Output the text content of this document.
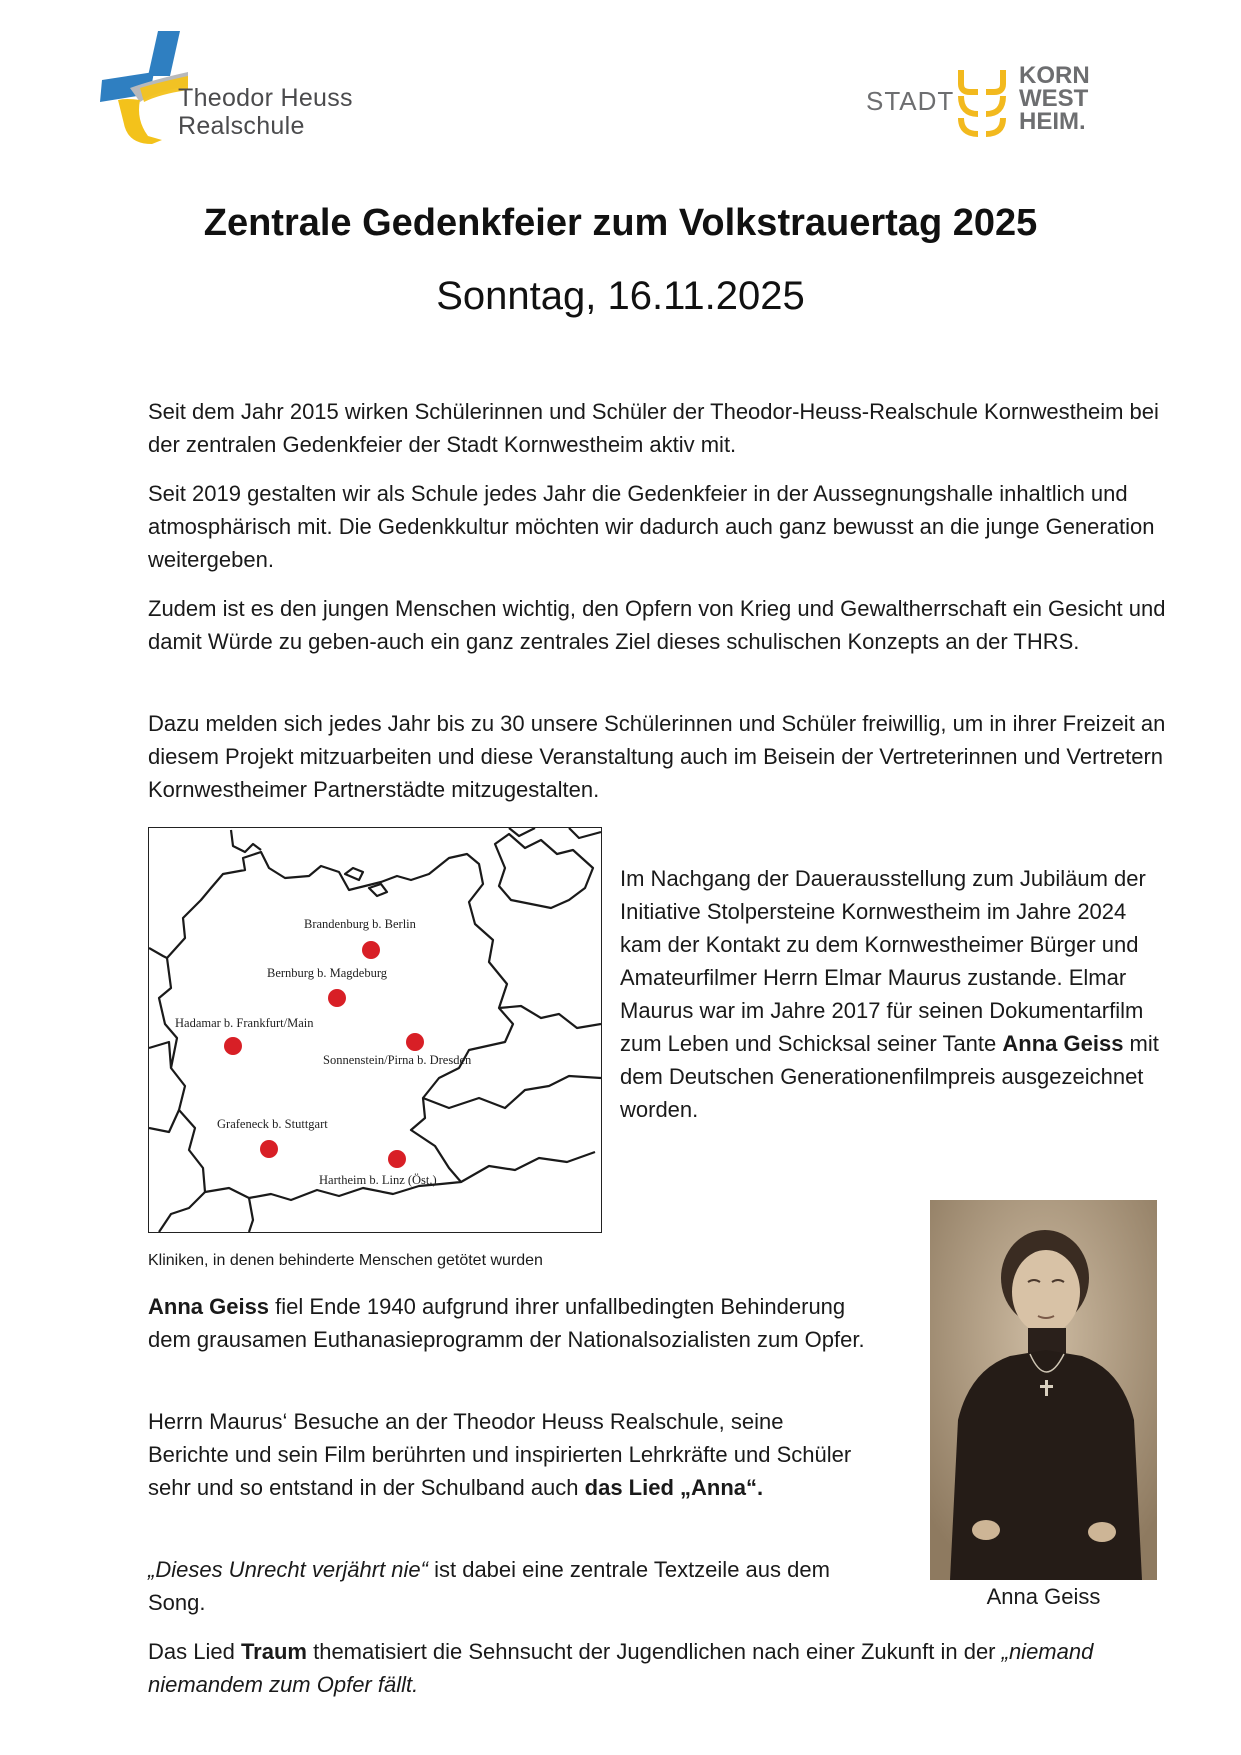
Theodor Heuss
Realschule
STADT
KORN
WEST
HEIM.
Zentrale Gedenkfeier zum Volkstrauertag 2025
Sonntag, 16.11.2025

Seit dem Jahr 2015 wirken Schülerinnen und Schüler der Theodor-Heuss-Realschule Kornwestheim bei der zentralen Gedenkfeier der Stadt Kornwestheim aktiv mit.

Seit 2019 gestalten wir als Schule jedes Jahr die Gedenkfeier in der Aussegnungshalle inhaltlich und atmosphärisch mit. Die Gedenkkultur möchten wir dadurch auch ganz bewusst an die junge Generation weitergeben.

Zudem ist es den jungen Menschen wichtig, den Opfern von Krieg und Gewaltherrschaft ein Gesicht und damit Würde zu geben-auch ein ganz zentrales Ziel dieses schulischen Konzepts an der THRS.

Dazu melden sich jedes Jahr bis zu 30 unsere Schülerinnen und Schüler freiwillig, um in ihrer Freizeit an diesem Projekt mitzuarbeiten und diese Veranstaltung auch im Beisein der Vertreterinnen und Vertretern Kornwestheimer Partnerstädte mitzugestalten.

Brandenburg b. Berlin
Bernburg b. Magdeburg
Hadamar b. Frankfurt/Main
Sonnenstein/Pirna b. Dresden
Grafeneck b. Stuttgart
Hartheim b. Linz (Öst.)
Kliniken, in denen behinderte Menschen getötet wurden

Im Nachgang der Dauerausstellung zum Jubiläum der Initiative Stolpersteine Kornwestheim im Jahre 2024 kam der Kontakt zu dem Kornwestheimer Bürger und Amateurfilmer Herrn Elmar Maurus zustande. Elmar Maurus war im Jahre 2017 für seinen Dokumentarfilm zum Leben und Schicksal seiner Tante Anna Geiss mit dem Deutschen Generationenfilmpreis ausgezeichnet worden.

Anna Geiss

Anna Geiss fiel Ende 1940 aufgrund ihrer unfallbedingten Behinderung dem grausamen Euthanasieprogramm der Nationalsozialisten zum Opfer.

Herrn Maurus‘ Besuche an der Theodor Heuss Realschule, seine Berichte und sein Film berührten und inspirierten Lehrkräfte und Schüler sehr und so entstand in der Schulband auch das Lied „Anna“.

„Dieses Unrecht verjährt nie“ ist dabei eine zentrale Textzeile aus dem Song.

Das Lied Traum thematisiert die Sehnsucht der Jugendlichen nach einer Zukunft in der „niemand niemandem zum Opfer fällt.
